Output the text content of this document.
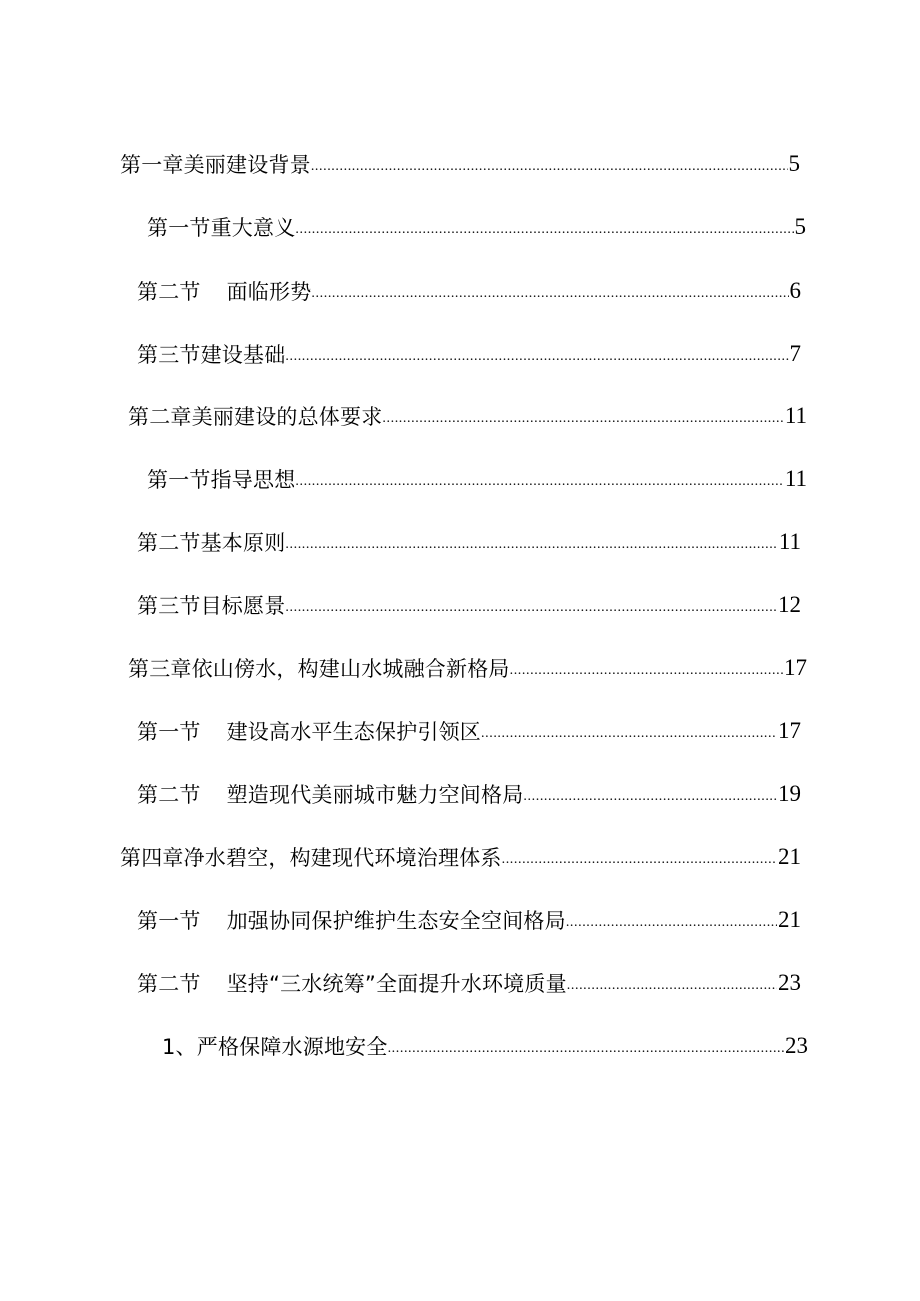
第一章美丽建设背景 .....	5
第一节重大意义 .....	5
第二节 面临形势 .....	6
第三节建设基础 .....	7
第二章美丽建设的总体要求 .....	11
第一节指导思想 .....	11
第二节基本原则 .....	11
第三节目标愿景 .....	12
第三章依山傍水，构建山水城融合新格局 .....	17
第一节 建设高水平生态保护引领区 .....	17
第二节 塑造现代美丽城市魅力空间格局 .....	19
第四章净水碧空，构建现代环境治理体系 .....	21
第一节 加强协同保护维护生态安全空间格局 .....	21
第二节 坚持“三水统筹”全面提升水环境质量 .....	23
1、严格保障水源地安全 .....	23
